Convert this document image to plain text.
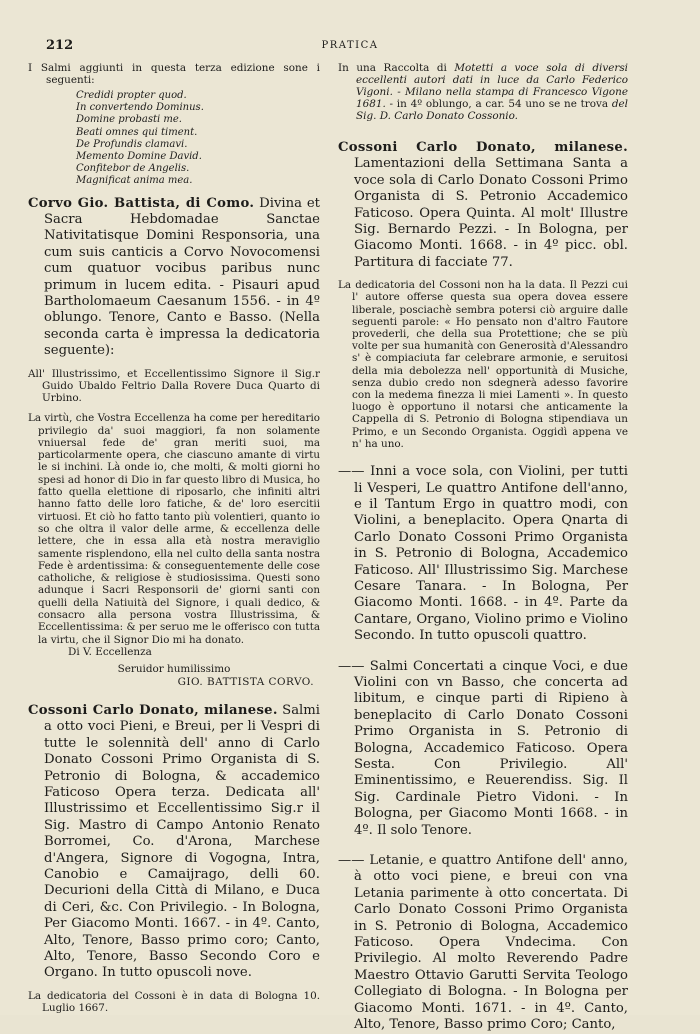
212	PRATICA

I Salmi aggiunti in questa terza edizione sone i seguenti:

Credidi propter quod.
In convertendo Dominus.
Domine probasti me.
Beati omnes qui timent.
De Profundis clamavi.
Memento Domine David.
Confitebor de Angelis.
Magnificat anima mea.

Corvo Gio. Battista, di Como. Divina et Sacra Hebdomadae Sanctae Nativitatisque Domini Responsoria, una cum suis canticis a Corvo Novocomensi cum quatuor vocibus paribus nunc primum in lucem edita. - Pisauri apud Bartholomaeum Caesanum 1556. - in 4º oblungo. Tenore, Canto e Basso. (Nella seconda carta è impressa la dedicatoria seguente):

All' Illustrissimo, et Eccellentissimo Signore il Sig.r Guido Ubaldo Feltrio Dalla Rovere Duca Quarto di Urbino.

La virtù, che Vostra Eccellenza ha come per hereditario privilegio da' suoi maggiori, fa non solamente vniuersal fede de' gran meriti suoi, ma particolarmente opera, che ciascuno amante di virtu le si inchini. Là onde io, che molti, & molti giorni ho spesi ad honor di Dio in far questo libro di Musica, ho fatto quella elettione di riposarlo, che infiniti altri hanno fatto delle loro fatiche, & de' loro esercitii virtuosi. Et ciò ho fatto tanto più volentieri, quanto io so che oltra il valor delle arme, & eccellenza delle lettere, che in essa alla età nostra meraviglio samente risplendono, ella nel culto della santa nostra Fede è ardentissima: & conseguentemente delle cose catholiche, & religiose è studiosissima. Questi sono adunque i Sacri Responsorii de' giorni santi con quelli della Natiuità del Signore, i quali dedico, & consacro alla persona vostra Illustrissima, & Eccellentissima: & per seruo me le offerisco con tutta la virtu, che il Signor Dio mi ha donato.

Di V. Eccellenza

Seruidor humilissimo

GIO. BATTISTA CORVO.

Cossoni Carlo Donato, milanese. Salmi a otto voci Pieni, e Breui, per li Vespri di tutte le solennità dell' anno di Carlo Donato Cossoni Primo Organista di S. Petronio di Bologna, & accademico Faticoso Opera terza. Dedicata all' Illustrissimo et Eccellentissimo Sig.r il Sig. Mastro di Campo Antonio Renato Borromei, Co. d'Arona, Marchese d'Angera, Signore di Vogogna, Intra, Canobio e Camaijrago, delli 60. Decurioni della Città di Milano, e Duca di Ceri, &c. Con Privilegio. - In Bologna, Per Giacomo Monti. 1667. - in 4º. Canto, Alto, Tenore, Basso primo coro; Canto, Alto, Tenore, Basso Secondo Coro e Organo. In tutto opuscoli nove.

La dedicatoria del Cossoni è in data di Bologna 10. Luglio 1667.

In una Raccolta di Motetti a voce sola di diversi eccellenti autori dati in luce da Carlo Federico Vigoni. - Milano nella stampa di Francesco Vigone 1681. - in 4º oblungo, a car. 54 uno se ne trova del Sig. D. Carlo Donato Cossonio.

Cossoni Carlo Donato, milanese. Lamentazioni della Settimana Santa a voce sola di Carlo Donato Cossoni Primo Organista di S. Petronio Accademico Faticoso. Opera Quinta. Al molt' Illustre Sig. Bernardo Pezzi. - In Bologna, per Giacomo Monti. 1668. - in 4º picc. obl. Partitura di facciate 77.

La dedicatoria del Cossoni non ha la data. Il Pezzi cui l' autore offerse questa sua opera dovea essere liberale, posciachè sembra potersi ciò arguire dalle seguenti parole: « Ho pensato non d'altro Fautore provederli, che della sua Protettione; che se più volte per sua humanità con Generosità d'Alessandro s' è compiaciuta far celebrare armonie, e seruitosi della mia debolezza nell' opportunità di Musiche, senza dubio credo non sdegnerà adesso favorire con la medema finezza li miei Lamenti ». In questo luogo è opportuno il notarsi che anticamente la Cappella di S. Petronio di Bologna stipendiava un Primo, e un Secondo Organista. Oggidì appena ve n' ha uno.

—— Inni a voce sola, con Violini, per tutti li Vesperi, Le quattro Antifone dell'anno, e il Tantum Ergo in quattro modi, con Violini, a beneplacito. Opera Qnarta di Carlo Donato Cossoni Primo Organista in S. Petronio di Bologna, Accademico Faticoso. All' Illustrissimo Sig. Marchese Cesare Tanara. - In Bologna, Per Giacomo Monti. 1668. - in 4º. Parte da Cantare, Organo, Violino primo e Violino Secondo. In tutto opuscoli quattro.

—— Salmi Concertati a cinque Voci, e due Violini con vn Basso, che concerta ad libitum, e cinque parti di Ripieno à beneplacito di Carlo Donato Cossoni Primo Organista in S. Petronio di Bologna, Accademico Faticoso. Opera Sesta. Con Privilegio. All' Eminentissimo, e Reuerendiss. Sig. Il Sig. Cardinale Pietro Vidoni. - In Bologna, per Giacomo Monti 1668. - in 4º. Il solo Tenore.

—— Letanie, e quattro Antifone dell' anno, à otto voci piene, e breui con vna Letania parimente à otto concertata. Di Carlo Donato Cossoni Primo Organista in S. Petronio di Bologna, Accademico Faticoso. Opera Vndecima. Con Privilegio. Al molto Reverendo Padre Maestro Ottavio Garutti Servita Teologo Collegiato di Bologna. - In Bologna per Giacomo Monti. 1671. - in 4º. Canto, Alto, Tenore, Basso primo Coro; Canto,
